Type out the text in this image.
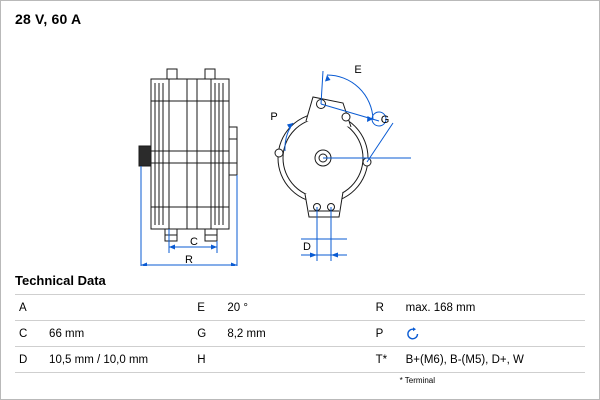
28 V, 60 A
C
R
E
P	G
D
Technical Data
A		E	20 °	R	max. 168 mm
C	66 mm	G	8,2 mm	P	
D	10,5 mm / 10,0 mm	H		T*	B+(M6), B-(M5), D+, W
* Terminal
